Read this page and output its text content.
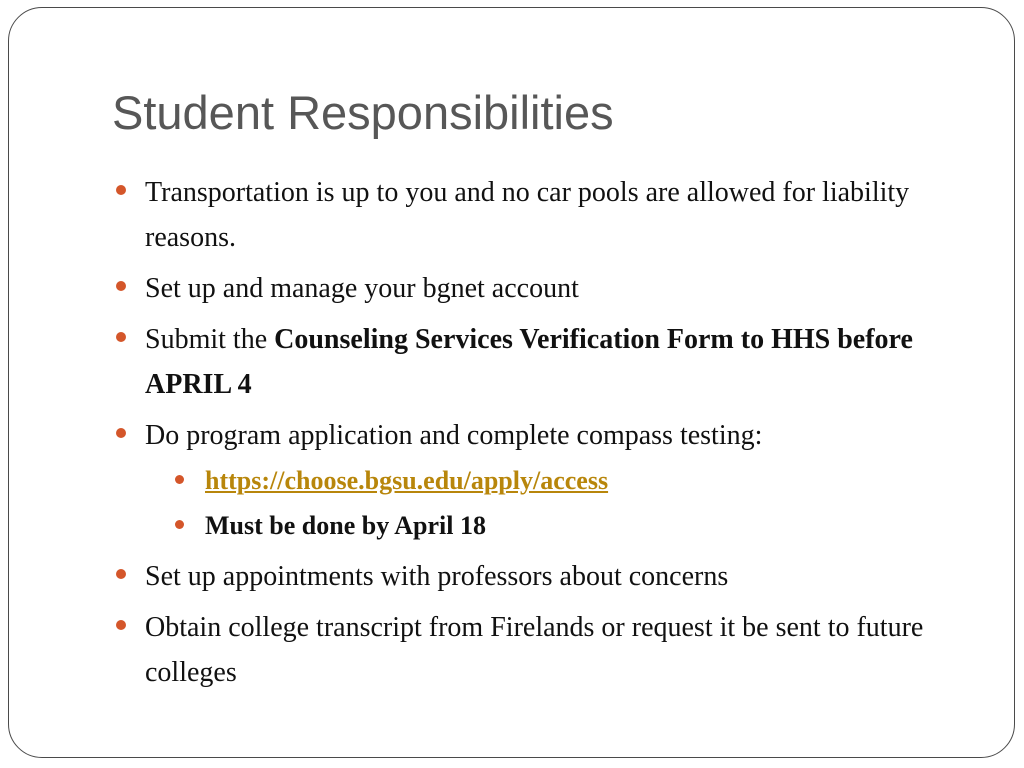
Student Responsibilities
Transportation is up to you and no car pools are allowed for liability reasons.
Set up and manage your bgnet account
Submit the Counseling Services Verification Form to HHS before APRIL 4
Do program application and complete compass testing:
https://choose.bgsu.edu/apply/access
Must be done by April 18
Set up appointments with professors about concerns
Obtain college transcript from Firelands or request it be sent to future colleges
